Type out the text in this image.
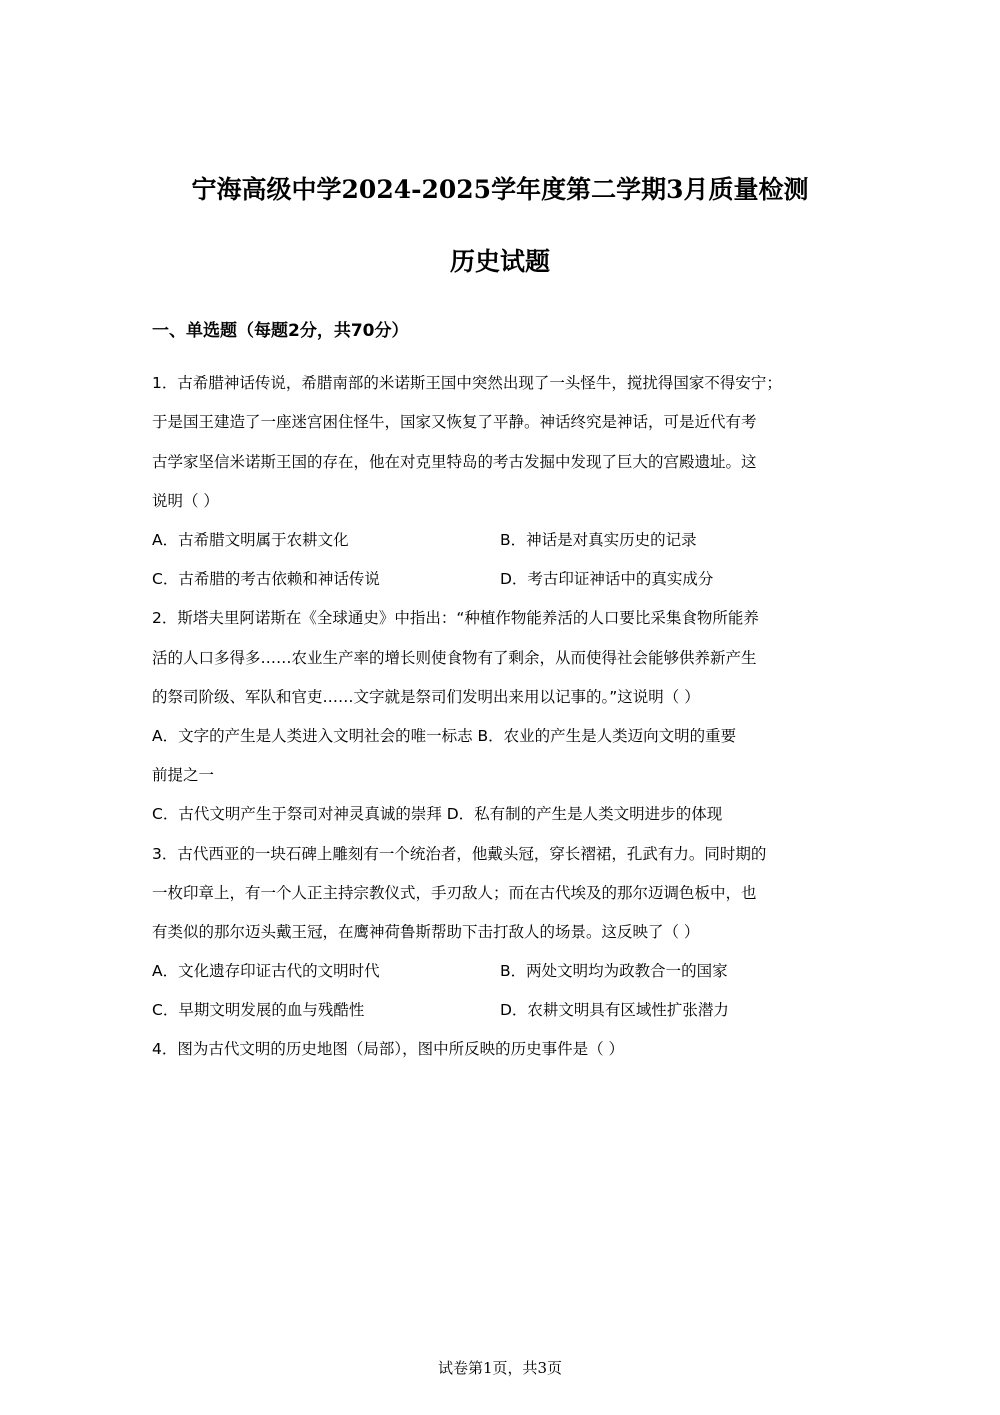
宁海高级中学2024-2025学年度第二学期3月质量检测
历史试题
一、单选题（每题2分，共70分）

1．古希腊神话传说，希腊南部的米诺斯王国中突然出现了一头怪牛，搅扰得国家不得安宁；

于是国王建造了一座迷宫困住怪牛，国家又恢复了平静。神话终究是神话，可是近代有考

古学家坚信米诺斯王国的存在，他在对克里特岛的考古发掘中发现了巨大的宫殿遗址。这

说明（ ）

A．古希腊文明属于农耕文化	B．神话是对真实历史的记录

C．古希腊的考古依赖和神话传说	D．考古印证神话中的真实成分

2．斯塔夫里阿诺斯在《全球通史》中指出：“种植作物能养活的人口要比采集食物所能养

活的人口多得多……农业生产率的增长则使食物有了剩余，从而使得社会能够供养新产生

的祭司阶级、军队和官吏……文字就是祭司们发明出来用以记事的。”这说明（ ）

A．文字的产生是人类进入文明社会的唯一标志 B．农业的产生是人类迈向文明的重要

前提之一

C．古代文明产生于祭司对神灵真诚的崇拜 D．私有制的产生是人类文明进步的体现

3．古代西亚的一块石碑上雕刻有一个统治者，他戴头冠，穿长褶裙，孔武有力。同时期的

一枚印章上，有一个人正主持宗教仪式，手刃敌人；而在古代埃及的那尔迈调色板中，也

有类似的那尔迈头戴王冠，在鹰神荷鲁斯帮助下击打敌人的场景。这反映了（ ）

A．文化遗存印证古代的文明时代	B．两处文明均为政教合一的国家

C．早期文明发展的血与残酷性	D．农耕文明具有区域性扩张潜力

4．图为古代文明的历史地图（局部），图中所反映的历史事件是（ ）

试卷第1页，共3页
